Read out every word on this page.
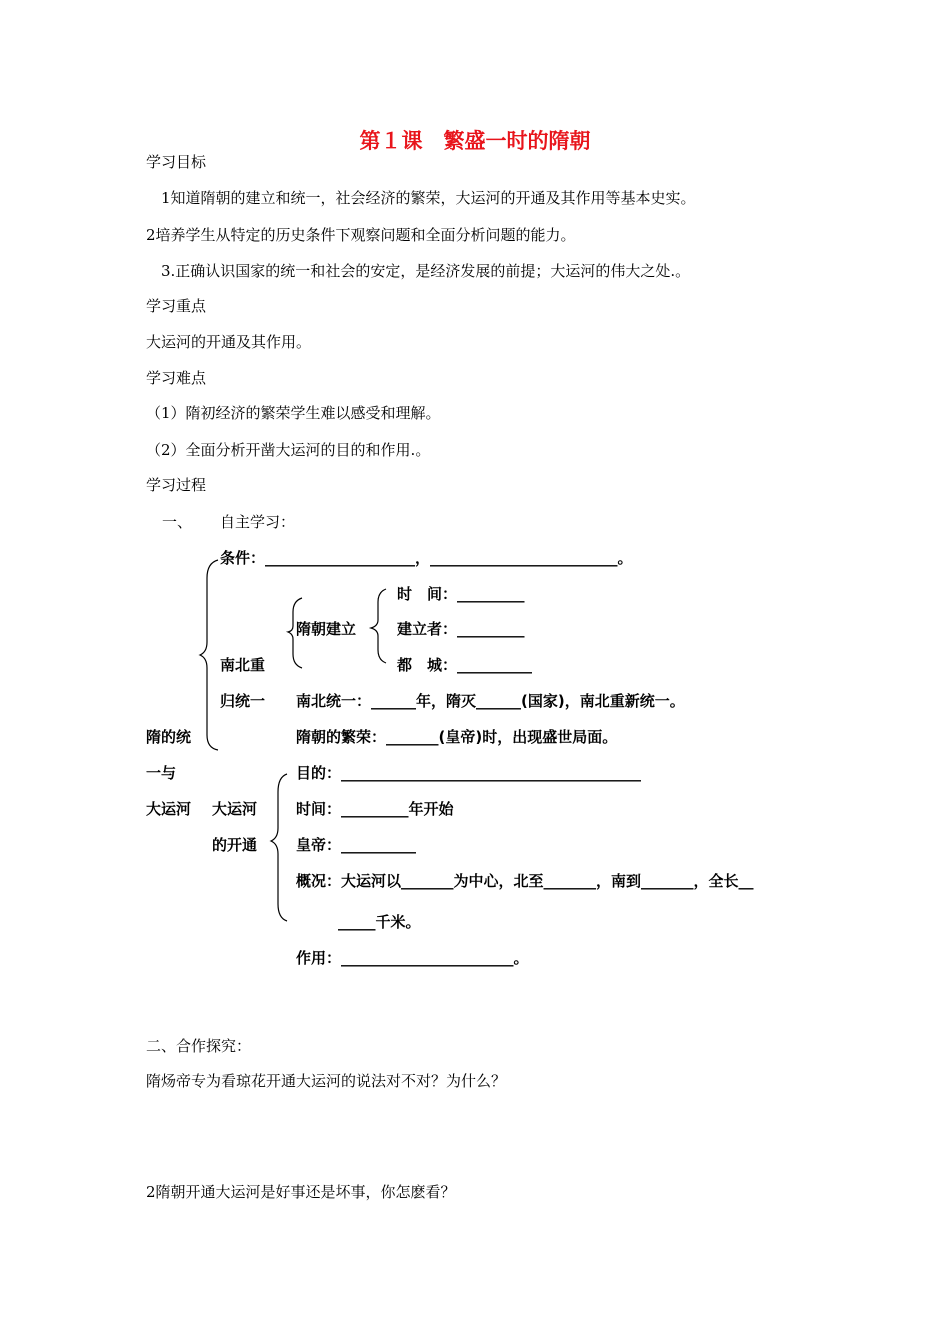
第１课　繁盛一时的隋朝
学习目标
1知道隋朝的建立和统一，社会经济的繁荣，大运河的开通及其作用等基本史实。
2培养学生从特定的历史条件下观察问题和全面分析问题的能力。
3.正确认识国家的统一和社会的安定，是经济发展的前提；大运河的伟大之处.。
学习重点
大运河的开通及其作用。
学习难点
（1）隋初经济的繁荣学生难以感受和理解。
（2）全面分析开凿大运河的目的和作用.。
学习过程
一、 自主学习：
条件：____________________，_________________________。
时　间：_________
隋朝建立	建立者：_________
南北重	都　城：__________
归统一 南北统一：______年，隋灭______(国家)，南北重新统一。
隋的统	隋朝的繁荣：_______(皇帝)时，出现盛世局面。
一与	目的：________________________________________
大运河 大运河	时间：_________年开始
的开通	皇帝：__________
概况：大运河以_______为中心，北至_______，南到_______，全长__
_____千米。
作用：_______________________。
二、合作探究：
隋炀帝专为看琼花开通大运河的说法对不对？为什么？
2隋朝开通大运河是好事还是坏事，你怎麽看？
